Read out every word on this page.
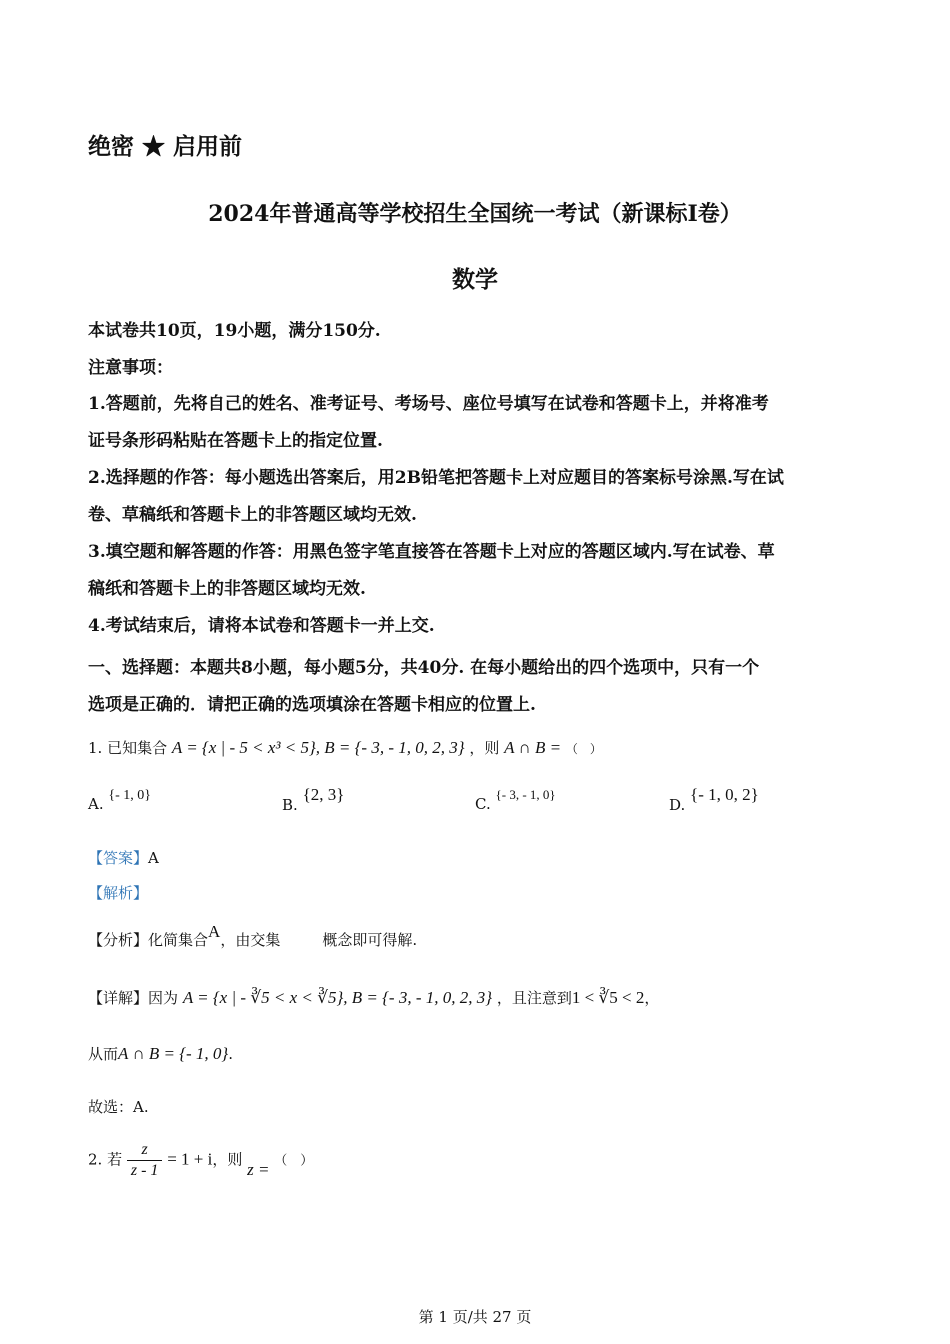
绝密 ★ 启用前
2024年普通高等学校招生全国统一考试（新课标I卷）
数学
本试卷共10页，19小题，满分150分.
注意事项：
1.答题前，先将自己的姓名、准考证号、考场号、座位号填写在试卷和答题卡上，并将准考
证号条形码粘贴在答题卡上的指定位置.
2.选择题的作答：每小题选出答案后，用2B铅笔把答题卡上对应题目的答案标号涂黑.写在试
卷、草稿纸和答题卡上的非答题区域均无效.
3.填空题和解答题的作答：用黑色签字笔直接答在答题卡上对应的答题区域内.写在试卷、草
稿纸和答题卡上的非答题区域均无效.
4.考试结束后，请将本试卷和答题卡一并上交.
一、选择题：本题共8小题，每小题5分，共40分. 在每小题给出的四个选项中，只有一个
选项是正确的．请把正确的选项填涂在答题卡相应的位置上.
1. 已知集合 A = {x | - 5 < x³ < 5}, B = {- 3, - 1, 0, 2, 3} ，则 A ∩ B = （　）
A. {- 1, 0}
B. {2, 3}	C. {- 3, - 1, 0}
D. {- 1, 0, 2}
【答案】A
【解析】
【分析】化简集合A，由交集	概念即可得解.
【详解】因为 A = {x | - ∛5 < x < ∛5}, B = {- 3, - 1, 0, 2, 3} ，且注意到1 < ∛5 < 2，
从而A ∩ B = {- 1, 0}.
故选：A.
2. 若 $\frac{z}{z - 1} = 1 + i$，则 z = （　）
第 1 页/共 27 页
